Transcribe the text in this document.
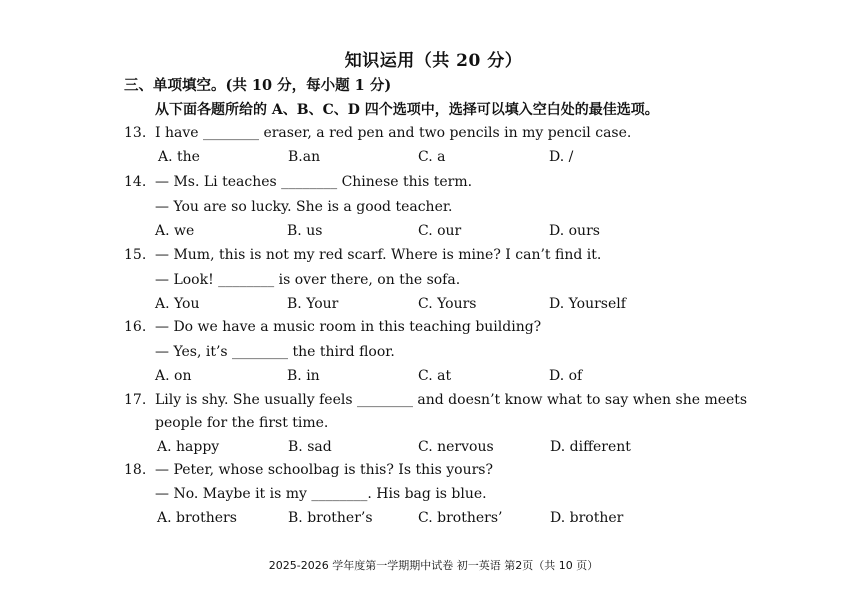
知识运用（共 20 分）
三、单项填空。(共 10 分，每小题 1 分)
从下面各题所给的 A、B、C、D 四个选项中，选择可以填入空白处的最佳选项。
13. I have ________ eraser, a red pen and two pencils in my pencil case.
A. the	B.an	C. a	D. /
14. — Ms. Li teaches ________ Chinese this term.
— You are so lucky. She is a good teacher.
A. we	B. us	C. our	D. ours
15. — Mum, this is not my red scarf. Where is mine? I can’t find it.
— Look! ________ is over there, on the sofa.
A. You	B. Your	C. Yours	D. Yourself
16. — Do we have a music room in this teaching building?
— Yes, it’s ________ the third floor.
A. on	B. in	C. at	D. of
17. Lily is shy. She usually feels ________ and doesn’t know what to say when she meets
people for the first time.
A. happy	B. sad	C. nervous	D. different
18. — Peter, whose schoolbag is this? Is this yours?
— No. Maybe it is my ________. His bag is blue.
A. brothers	B. brother’s	C. brothers’	D. brother
2025-2026 学年度第一学期期中试卷 初一英语 第2页（共 10 页）
